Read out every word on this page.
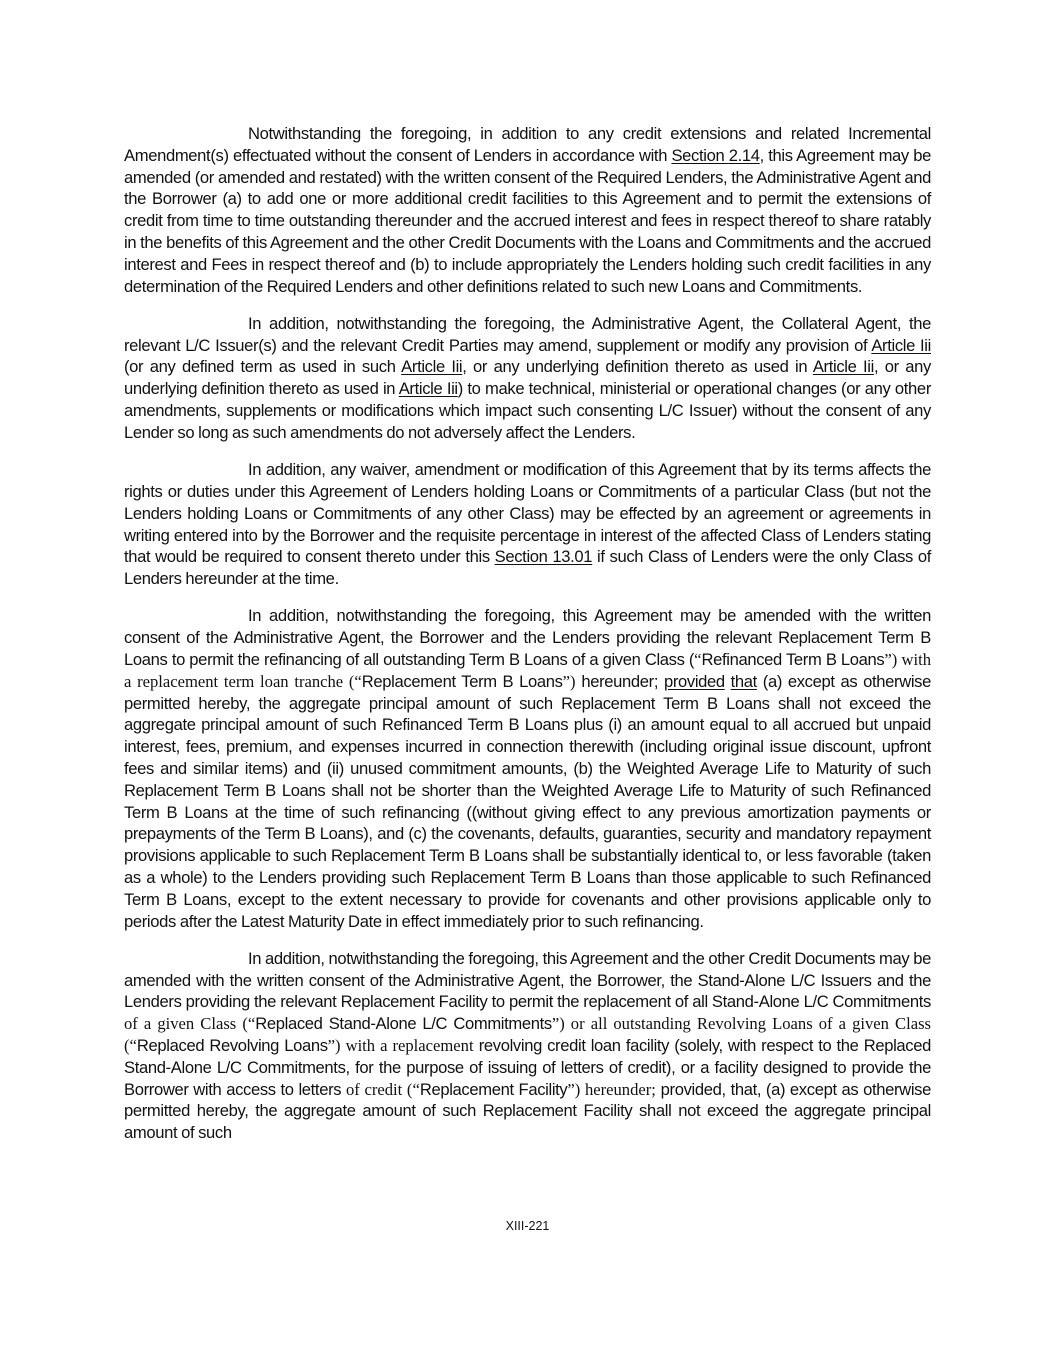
Notwithstanding the foregoing, in addition to any credit extensions and related Incremental Amendment(s) effectuated without the consent of Lenders in accordance with Section 2.14, this Agreement may be amended (or amended and restated) with the written consent of the Required Lenders, the Administrative Agent and the Borrower (a) to add one or more additional credit facilities to this Agreement and to permit the extensions of credit from time to time outstanding thereunder and the accrued interest and fees in respect thereof to share ratably in the benefits of this Agreement and the other Credit Documents with the Loans and Commitments and the accrued interest and Fees in respect thereof and (b) to include appropriately the Lenders holding such credit facilities in any determination of the Required Lenders and other definitions related to such new Loans and Commitments.

In addition, notwithstanding the foregoing, the Administrative Agent, the Collateral Agent, the relevant L/C Issuer(s) and the relevant Credit Parties may amend, supplement or modify any provision of Article Iii (or any defined term as used in such Article Iii, or any underlying definition thereto as used in Article Iii, or any underlying definition thereto as used in Article Iii) to make technical, ministerial or operational changes (or any other amendments, supplements or modifications which impact such consenting L/C Issuer) without the consent of any Lender so long as such amendments do not adversely affect the Lenders.

In addition, any waiver, amendment or modification of this Agreement that by its terms affects the rights or duties under this Agreement of Lenders holding Loans or Commitments of a particular Class (but not the Lenders holding Loans or Commitments of any other Class) may be effected by an agreement or agreements in writing entered into by the Borrower and the requisite percentage in interest of the affected Class of Lenders stating that would be required to consent thereto under this Section 13.01 if such Class of Lenders were the only Class of Lenders hereunder at the time.

In addition, notwithstanding the foregoing, this Agreement may be amended with the written consent of the Administrative Agent, the Borrower and the Lenders providing the relevant Replacement Term B Loans to permit the refinancing of all outstanding Term B Loans of a given Class (“Refinanced Term B Loans”) with a replacement term loan tranche (“Replacement Term B Loans”) hereunder; provided that (a) except as otherwise permitted hereby, the aggregate principal amount of such Replacement Term B Loans shall not exceed the aggregate principal amount of such Refinanced Term B Loans plus (i) an amount equal to all accrued but unpaid interest, fees, premium, and expenses incurred in connection therewith (including original issue discount, upfront fees and similar items) and (ii) unused commitment amounts, (b) the Weighted Average Life to Maturity of such Replacement Term B Loans shall not be shorter than the Weighted Average Life to Maturity of such Refinanced Term B Loans at the time of such refinancing ((without giving effect to any previous amortization payments or prepayments of the Term B Loans), and (c) the covenants, defaults, guaranties, security and mandatory repayment provisions applicable to such Replacement Term B Loans shall be substantially identical to, or less favorable (taken as a whole) to the Lenders providing such Replacement Term B Loans than those applicable to such Refinanced Term B Loans, except to the extent necessary to provide for covenants and other provisions applicable only to periods after the Latest Maturity Date in effect immediately prior to such refinancing.

In addition, notwithstanding the foregoing, this Agreement and the other Credit Documents may be amended with the written consent of the Administrative Agent, the Borrower, the Stand-Alone L/C Issuers and the Lenders providing the relevant Replacement Facility to permit the replacement of all Stand-Alone L/C Commitments of a given Class (“Replaced Stand-Alone L/C Commitments”) or all outstanding Revolving Loans of a given Class (“Replaced Revolving Loans”) with a replacement revolving credit loan facility (solely, with respect to the Replaced Stand-Alone L/C Commitments, for the purpose of issuing of letters of credit), or a facility designed to provide the Borrower with access to letters of credit (“Replacement Facility”) hereunder; provided, that, (a) except as otherwise permitted hereby, the aggregate amount of such Replacement Facility shall not exceed the aggregate principal amount of such

XIII-221
